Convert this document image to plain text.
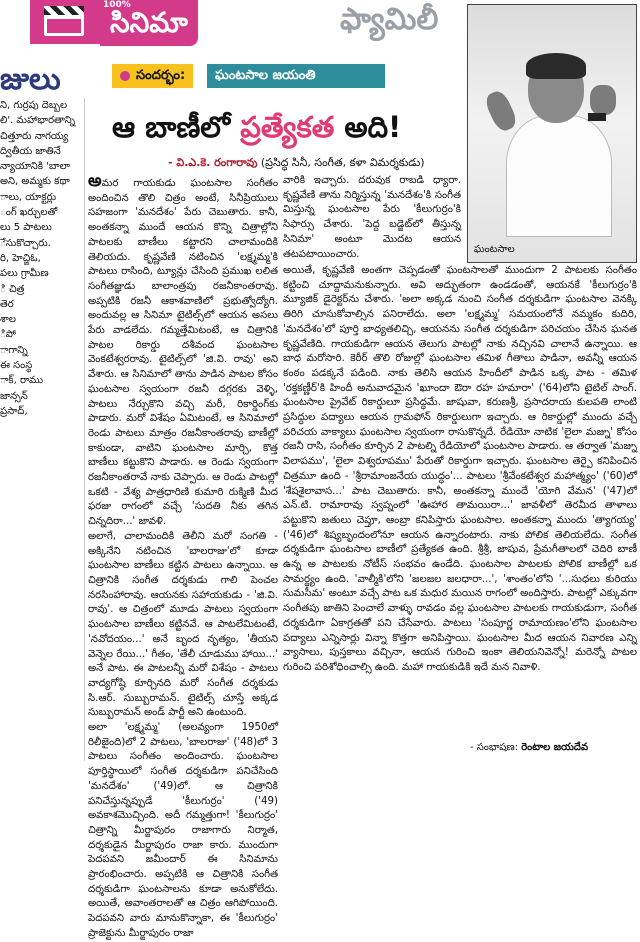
సినిమా
100%	ఫ్యామిలీ
జులు

ని, గుర్రపు దెబ్బల

లి'. మహాభారతాన్ని

చిత్తూరు నాగయ్య

ద్వితీయ జాతినే

న్యాయానికి 'బాలా

అని, అమ్మకు కథా

ాలు, యాక్టర్లు

ంగ్ ఖర్చులతో

లు 5 పాటలు

ేసుకొచ్చారు.

రి, హెచ్జిఓ,

పలు గ్రామీణ

ి చిత్ర

తెర

శాల

ిపో

ాగాన్ని

ఈ సంస్థ

ాక్, రాము

జాన్సన్

ప్రసాద్,

సందర్భం:	ఘంటసాల జయంతి
ఆ బాణీలో ప్రత్యేకత అది!
- వి.ఎ.కె. రంగారావు (ప్రసిద్ధ సినీ, సంగీత, కళా విమర్శకుడు)
ఘంటసాల

అమర గాయకుడు ఘంటసాల సంగీతం అందించిన తొలి చిత్రం అంటే, సినీప్రియులు సహజంగా 'మనదేశం' పేరు చెబుతారు. కానీ, అంతకన్నా ముందే ఆయన కొన్ని చిత్రాల్లోని పాటలకు బాణీలు కట్టారని చాలామందికి తెలియదు. కృష్ణవేణి నటించిన 'లక్ష్మమ్మ'కి పాటలు రాసింది, ట్యూన్లు చేసింది ప్రముఖ లలిత సంగీతజ్ఞుడు బాలాంత్రపు రజనీకాంతరావు. అప్పటికి రజనీ ఆకాశవాణిలో ప్రభుత్వోద్యోగి. అందువల్ల ఆ సినిమా టైటిల్స్‌లో ఆయన అసలు పేరు వాడలేదు. గమ్మత్తేమిటంటే, ఆ చిత్రానికి పాటల రికార్డు దశీవంద ఘంటసాల వెంకటేశ్వరరావు. టైటిల్స్‌లో 'జి.వి. రావు' అని వేశారు. ఆ సినిమాలో తాను పాడిన పాటల కోసం ఘంటసాల స్వయంగా రజనీ దగ్గరకు వెళ్ళి, పాటలు నేర్చుకొని వచ్చి మరీ, రికార్డింగ్‌కు పాడారు. మరో విశేషం ఏమిటంటే, ఆ సినిమాలో రెండు పాటలు మాత్రం రజనీకాంతరావు బాణీల్లో కాకుండా, వాటిని ఘంటసాల మార్చి, కొత్త బాణీలు కట్టుకొని పాడారు. ఆ రెండు స్వయంగా రజనీకాంతరావే నాకు చెప్పారు. ఆ రెండు పాటల్లో ఒకటి - వేశ్య పాత్రధారిణి కుమారి రుక్మిణి మీద ఫరజు రాగంలో వచ్చే 'సుదతి నీకు తగిన చిన్నదిరా...' జావళి.

అలాగే, చాలామందికి తెలీని మరో సంగతి - అక్కినేని నటించిన 'బాలరాజు'లో కూడా ఘంటసాల బాణీలు కట్టిన పాటలు ఉన్నాయి. ఆ చిత్రానికి సంగీత దర్శకుడు గాలి పెంచల నరసింహారావు. ఆయనకు సహాయకుడు - 'జి.వి. రావు'. ఆ చిత్రంలో మూడు పాటలు స్వయంగా ఘంటసాల బాణీలు కట్టినవే. ఆ పాటలేమిటంటే, 'నవోదయం...' అనే బృంద నృత్యం, 'తీయని వెన్నెల రేయి...' గీతం, 'తేలీ చూడుము హాయి...' అనే పాట. ఈ పాటలన్నీ మరో విశేషం - పాటలు వాద్యగోష్ఠి కూర్చినది మరో సంగీత దర్శకుడు సి.ఆర్. సుబ్బురామన్. టైటిల్స్ చూస్తే అక్కడ సుబ్బురామన్ అండ్ పార్టీ అని ఉంటుంది.

అలా 'లక్ష్మమ్మ' (అలవ్యంగా 1950లో రిలీజైంది)లో 2 పాటలు, 'బాలరాజు' ('48)లో 3 పాటలు సంగీతం అందించారు. ఘంటసాల పూర్తిస్థాయిలో సంగీత దర్శకుడిగా పనిచేసింది 'మనదేశం' ('49)లో. ఆ చిత్రానికి పనిచేస్తున్నప్పుడే 'కీలుగుర్రం' ('49) అవకాశమొచ్చింది. అదీ గమ్మత్తుగా! 'కీలుగుర్రం' చిత్రాన్ని మీర్జాపురం రాజాగారు నిర్మాత, దర్శకుడైన మీర్జాపురం రాజా కారు. ముందుగా పెదపవని జమీందార్ ఈ సినిమాను ప్రారంభించారు. అప్పటికి ఆ చిత్రానికి సంగీత దర్శకుడిగా ఘంటసాలను కూడా అనుకోలేదు. అయితే, అవాంతరాలతో ఆ చిత్రం ఆగిపోయింది. పెదపవని వారు మానుకొన్నాకా, ఈ 'కీలుగుర్రం' ప్రాజెక్టును మీర్జాపురం రాజా

వారికి ఇచ్చారు. దరువుక రాబడి ధ్యారా. కృష్ణవేణి తాను నిర్మిస్తున్న 'మనదేశం'కి సంగీత మిస్తున్న ఘంటసాల పేరు 'కీలుగుర్రం'కి సిఫార్సు చేశారు. 'పెద్ద బడ్జెట్‌లో తీస్తున్న సినిమా' అంటూ మొదట ఆయన తటపటాయించారు.

అయితే, కృష్ణవేణి అంతగా చెప్పడంతో ఘంటసాలతో ముందుగా 2 పాటలకు సంగీతం కట్టించి చూద్దామనుకున్నారు. అవి అద్భుతంగా ఉండడంతో, ఆయనకే 'కీలుగుర్రం'కి మ్యూజిక్ డైరెక్టర్‌ను చేశారు. 'అలా అక్కడ నుంచి సంగీత దర్శకుడిగా ఘంటసాల వెనక్కి తిరిగి చూసుకోవాల్సిన పనిరాలేదు. అలా 'లక్ష్మమ్మ' సమయంలోనే నమ్మకం కుదిరి, 'మనదేశం'లో పూర్తి బాధ్యతలిచ్చి, ఆయనను సంగీత దర్శకుడిగా పరిచయం చేసిన ఘనత కృష్ణవేణిది. గాయకుడిగా ఆయన తెలుగు పాటల్లో నాకు నచ్చినవి చాలానే ఉన్నాయి. ఆ బాధ మరోసారి. కెరీర్ తొలి రోజుల్లో ఘంటసాల తమిళ గీతాలు పాడినా, అవన్నీ ఆయన కంఠం పడక్కనే పడింది. నాకు తెలిసి ఆయన హిందీలో పాడిన ఒక్క పాట - తమిళ 'రక్తకణ్ణీర్'కి హిందీ అనువాదమైన 'ఖూందా ఔరా రహ హమారా' ('64)లోని టైటిల్ సాంగ్. ఘంటసాల ప్రైవేట్ రికార్డులూ ప్రసిద్ధమే. జాషువా, కరుణశ్రీ, ప్రసాదరాయ కులపతి లాంటి ప్రసిద్ధుల పద్యాలు ఆయన గ్రామఫోన్ రికార్డులుగా ఇచ్చారు. ఆ రికార్డుల్లో ముందు వచ్చే పరిచయ వాక్యాలు ఘంటసాల స్వయంగా రాసుకొన్నదే. రేడియో నాటిక 'లైలా మజ్ను' కోసం రజనీ రాసి, సంగీతం కూర్చిన 2 పాటల్ని రేడియోలో ఘంటసాల పాడారు. ఆ తర్వాత 'మజ్ను విలాపము', 'లైలా విశ్వరూపము' పేరుతో రికార్డుగా ఇచ్చారు. ఘంటసాల తెర్పై కనిపించిన చిత్రమూ ఉంది - 'శ్రీరామాంజనేయ యుద్ధం'... పాటలు 'శ్రీవేంకటేశ్వర మహాత్మ్యం' ('60)లో 'శేషశైలావాస...' పాట చెబుతారు. కానీ, అంతకన్నా ముందే 'యోగి వేమన' ('47)లో ఎన్.టి. రామారావు స్వప్నంలో 'ఊహార తామయిరా...' జావళీలో తెరమీద తాళాలు పట్టుకొని జతులు చెప్తూ, ఆంబ్రా కనిపిస్తారు ఘంటసాల. అంతకన్నా ముందు 'త్యాగయ్య' ('46)లో శిష్యబృందంలోనూ ఆయన ఉన్నారంటారు. నాకు పోలిక తెలియలేదు. సంగీత దర్శకుడిగా ఘంటసాల బాణీలో ప్రత్యేకత ఉంది. శ్రీశ్రీ, జాషువ, ప్రేమగీతాలలో చెదిరి బాణీ ఉన్న అ పాటలకు నోటీస్ సంభవం ఉండేది. ఘంటసాల పాటలకు పోలిక బాణీల్లో ఒక సామర్థ్యం ఉంది. 'వాల్మీకి'లోని 'జలజల జలధారా...', 'శాంతం'లోని '...సుధలు కురియు సుమసీమ' అంటూ వచ్చే పాట ఒక మధుర మయిన రాగంలో అందిస్తారు. పాటల్లో ఎక్కువగా సంగీతపు జాతిని పెంచాలే వాళ్ళు రావడం వల్ల ఘంటసాల పాటలకు గాయకుడుగా, సంగీత దర్శకుడిగా ఏకాగ్రతతో పని చేసేవారు. పాటలు 'సంపూర్ణ రామాయణం'లోని ఘంటసాల పద్యాలు ఎన్నిసార్లు విన్నా కొత్తగా అనిపిస్తాయి. ఘంటసాల మీద ఆయన నివారణ ఎన్ని వ్యాసాలు, పుస్తకాలు వచ్చినా, ఆయన గురించి ఇంకా తెలియనివెన్నో! మరెన్నో పాటల గురించి పరిశోధించాల్సి ఉంది. మహా గాయకుడికి ఇదే మన నివాళి.

- సంభాషణ: రెంటాల జయదేవ
